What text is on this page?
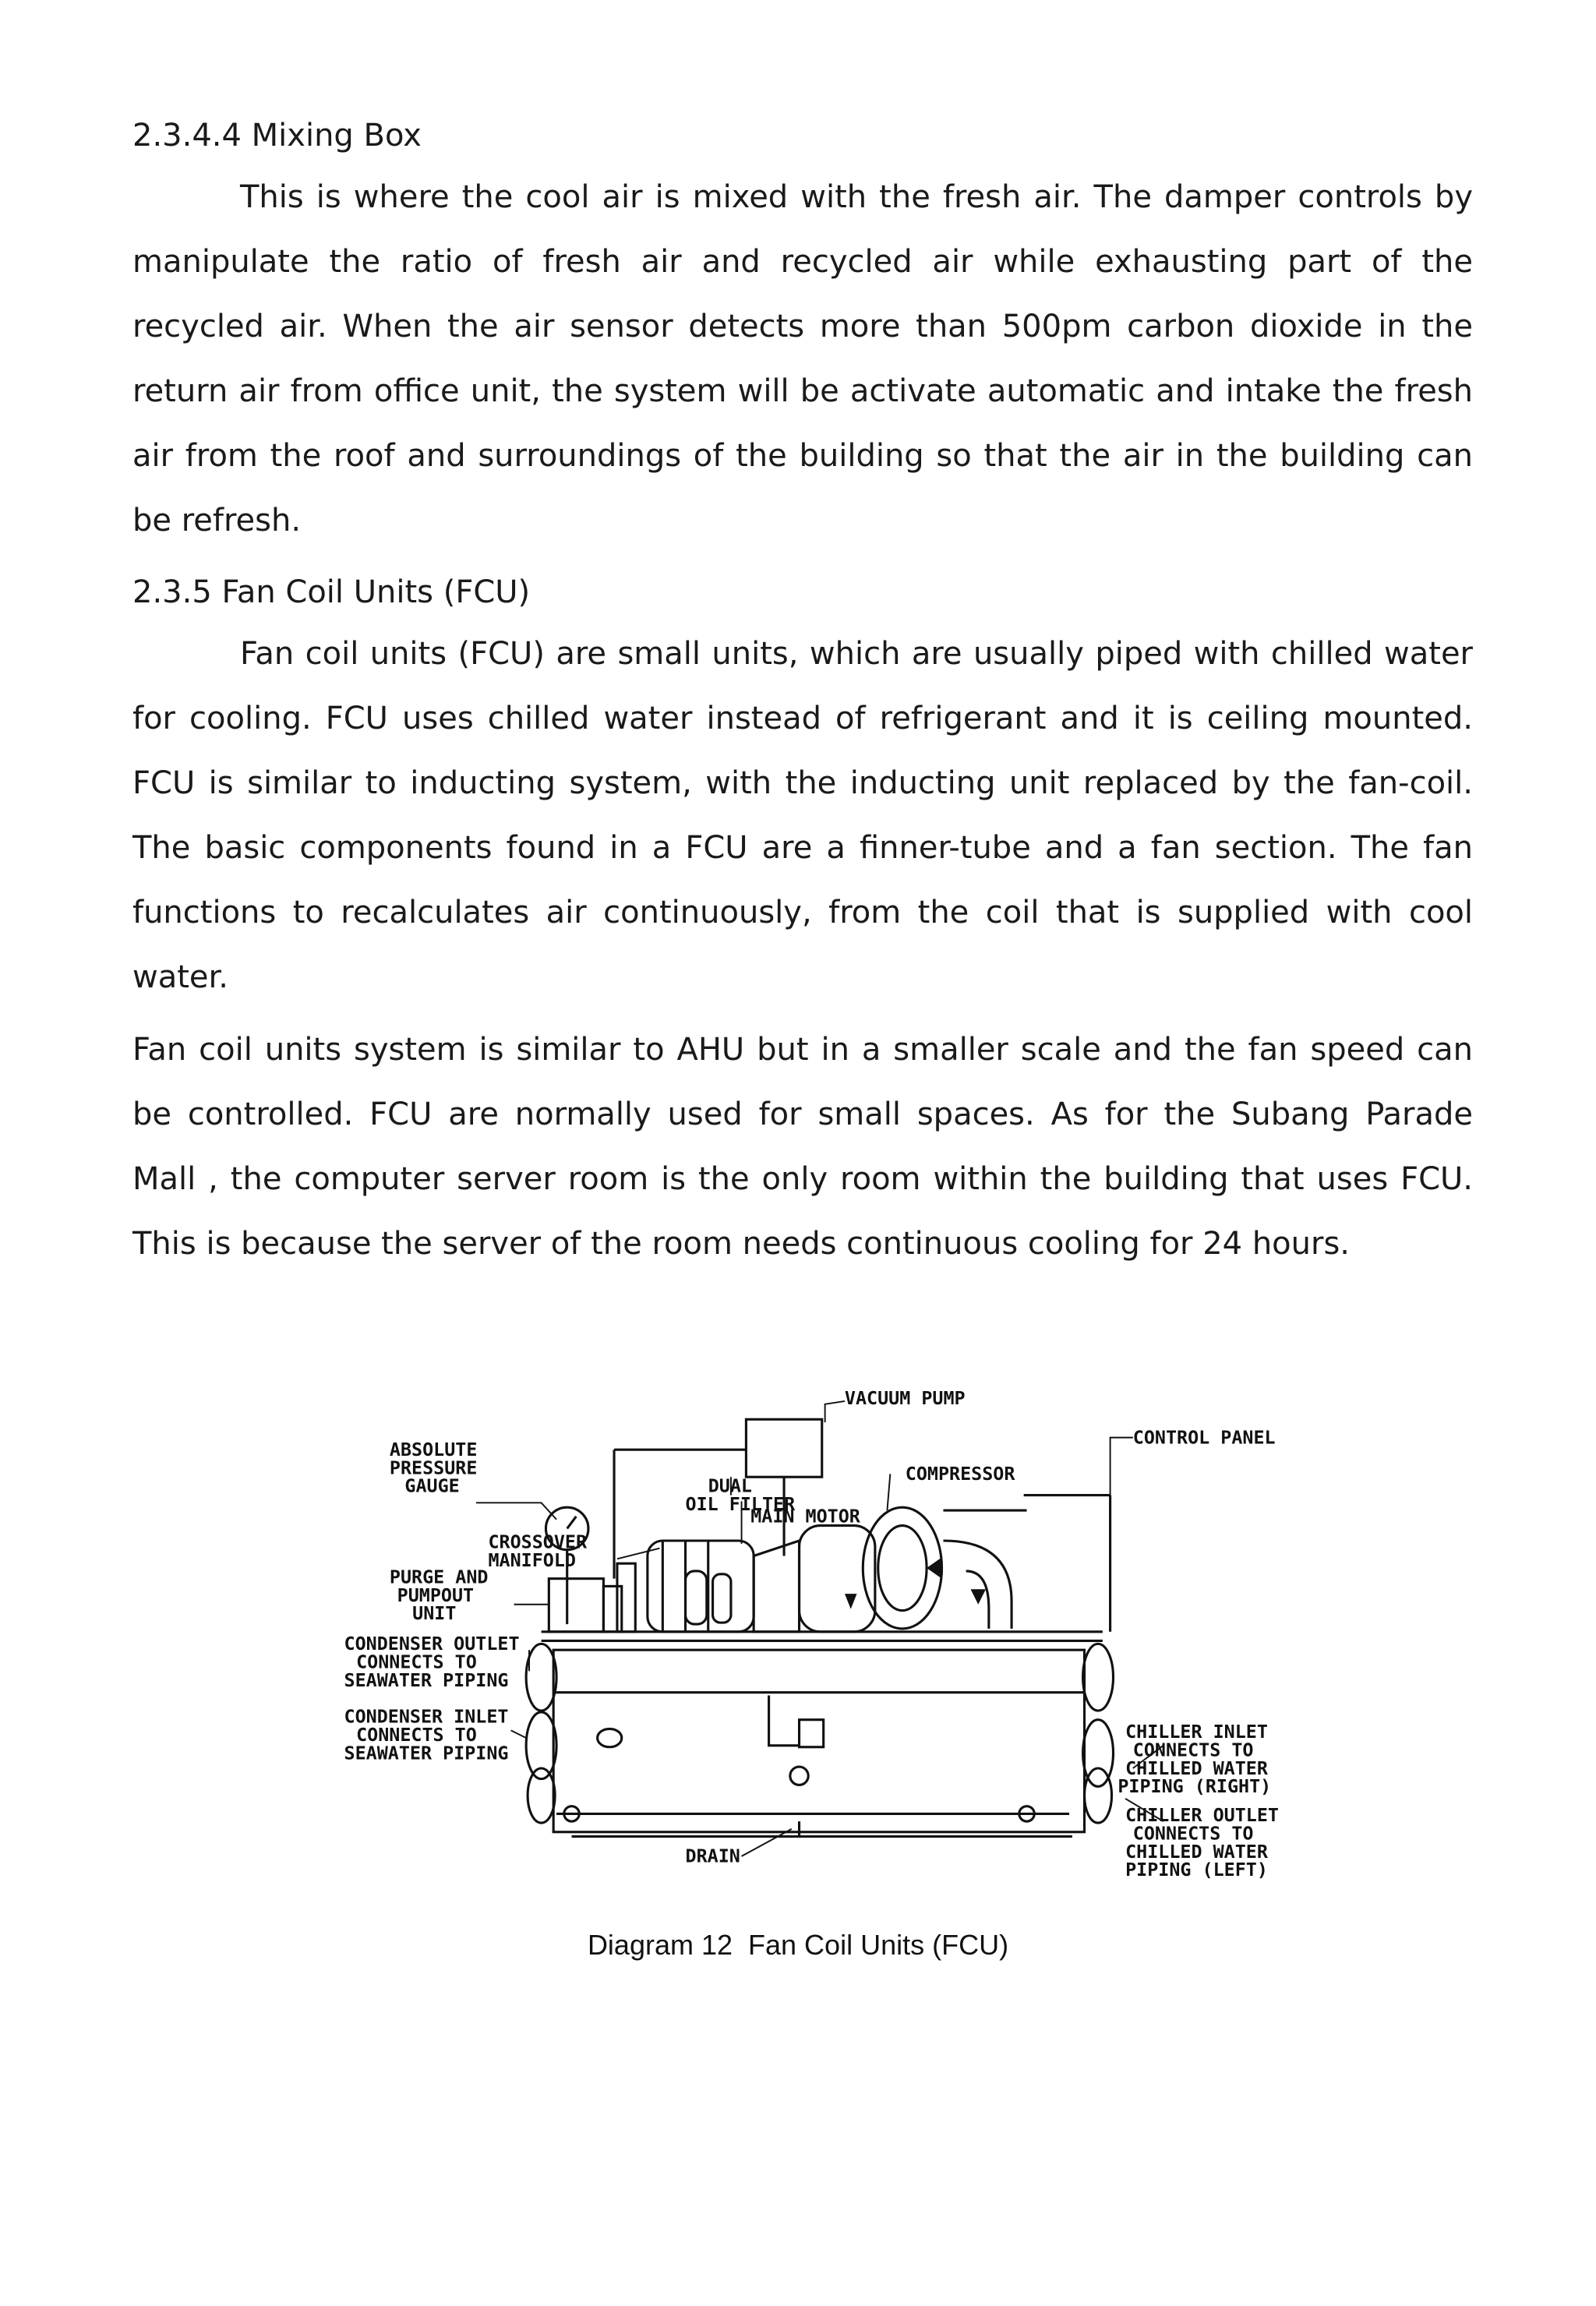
2.3.4.4 Mixing Box
This is where the cool air is mixed with the fresh air. The damper controls by
manipulate the ratio of fresh air and recycled air while exhausting part of the
recycled air. When the air sensor detects more than 500pm carbon dioxide in the
return air from office unit, the system will be activate automatic and intake the fresh
air from the roof and surroundings of the building so that the air in the building can
be refresh.
2.3.5 Fan Coil Units (FCU)
Fan coil units (FCU) are small units, which are usually piped with chilled water
for cooling. FCU uses chilled water instead of refrigerant and it is ceiling mounted.
FCU is similar to inducting system, with the inducting unit replaced by the fan-coil.
The basic components found in a FCU are a finner-tube and a fan section. The fan
functions to recalculates air continuously, from the coil that is supplied with cool
water.
Fan coil units system is similar to AHU but in a smaller scale and the fan speed can
be controlled. FCU are normally used for small spaces. As for the Subang Parade
Mall , the computer server room is the only room within the building that uses FCU.
This is because the server of the room needs continuous cooling for 24 hours.
VACUUM PUMP
ABSOLUTE
PRESSURE
GAUGE
CONTROL PANEL
DUAL
OIL FILTER
COMPRESSOR
MAIN MOTOR
CROSSOVER
MANIFOLD
PURGE AND
PUMPOUT
UNIT
CONDENSER OUTLET
CONNECTS TO
SEAWATER PIPING
CONDENSER INLET
CONNECTS TO
SEAWATER PIPING
CHILLER INLET
CONNECTS TO
CHILLED WATER
PIPING (RIGHT)
CHILLER OUTLET
CONNECTS TO
CHILLED WATER
PIPING (LEFT)
DRAIN
Diagram 12  Fan Coil Units (FCU)
